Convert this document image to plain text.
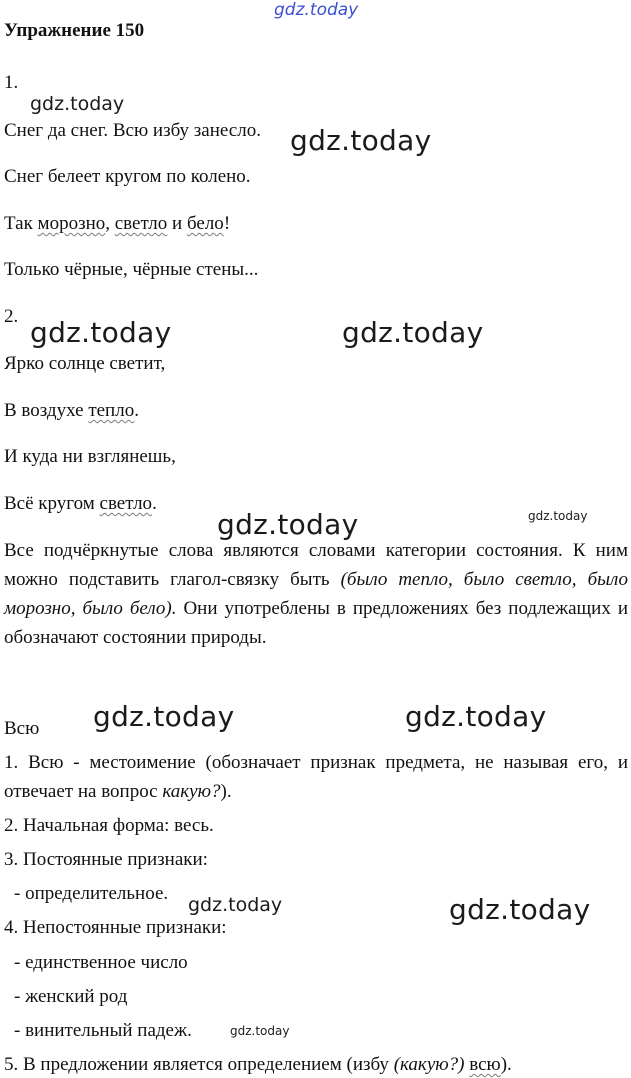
gdz.today
Упражнение 150
1.
Снег да снег. Всю избу занесло.
Снег белеет кругом по колено.
Так морозно, светло и бело!
Только чёрные, чёрные стены...
2.
Ярко солнце светит,
В воздухе тепло.
И куда ни взглянешь,
Всё кругом светло.
Все подчёркнутые слова являются словами категории состояния. К ним можно подставить глагол-связку быть (было тепло, было светло, было морозно, было бело). Они употреблены в предложениях без подлежащих и обозначают состоянии природы.
Всю
1. Всю - местоимение (обозначает признак предмета, не называя его, и отвечает на вопрос какую?).
2. Начальная форма: весь.
3. Постоянные признаки:
- определительное.
4. Непостоянные признаки:
- единственное число
- женский род
- винительный падеж.
5. В предложении является определением (избу (какую?) всю).
gdz.today
gdz.today
gdz.today	gdz.today
gdz.today	gdz.today
gdz.today	gdz.today
gdz.today	gdz.today
gdz.today
